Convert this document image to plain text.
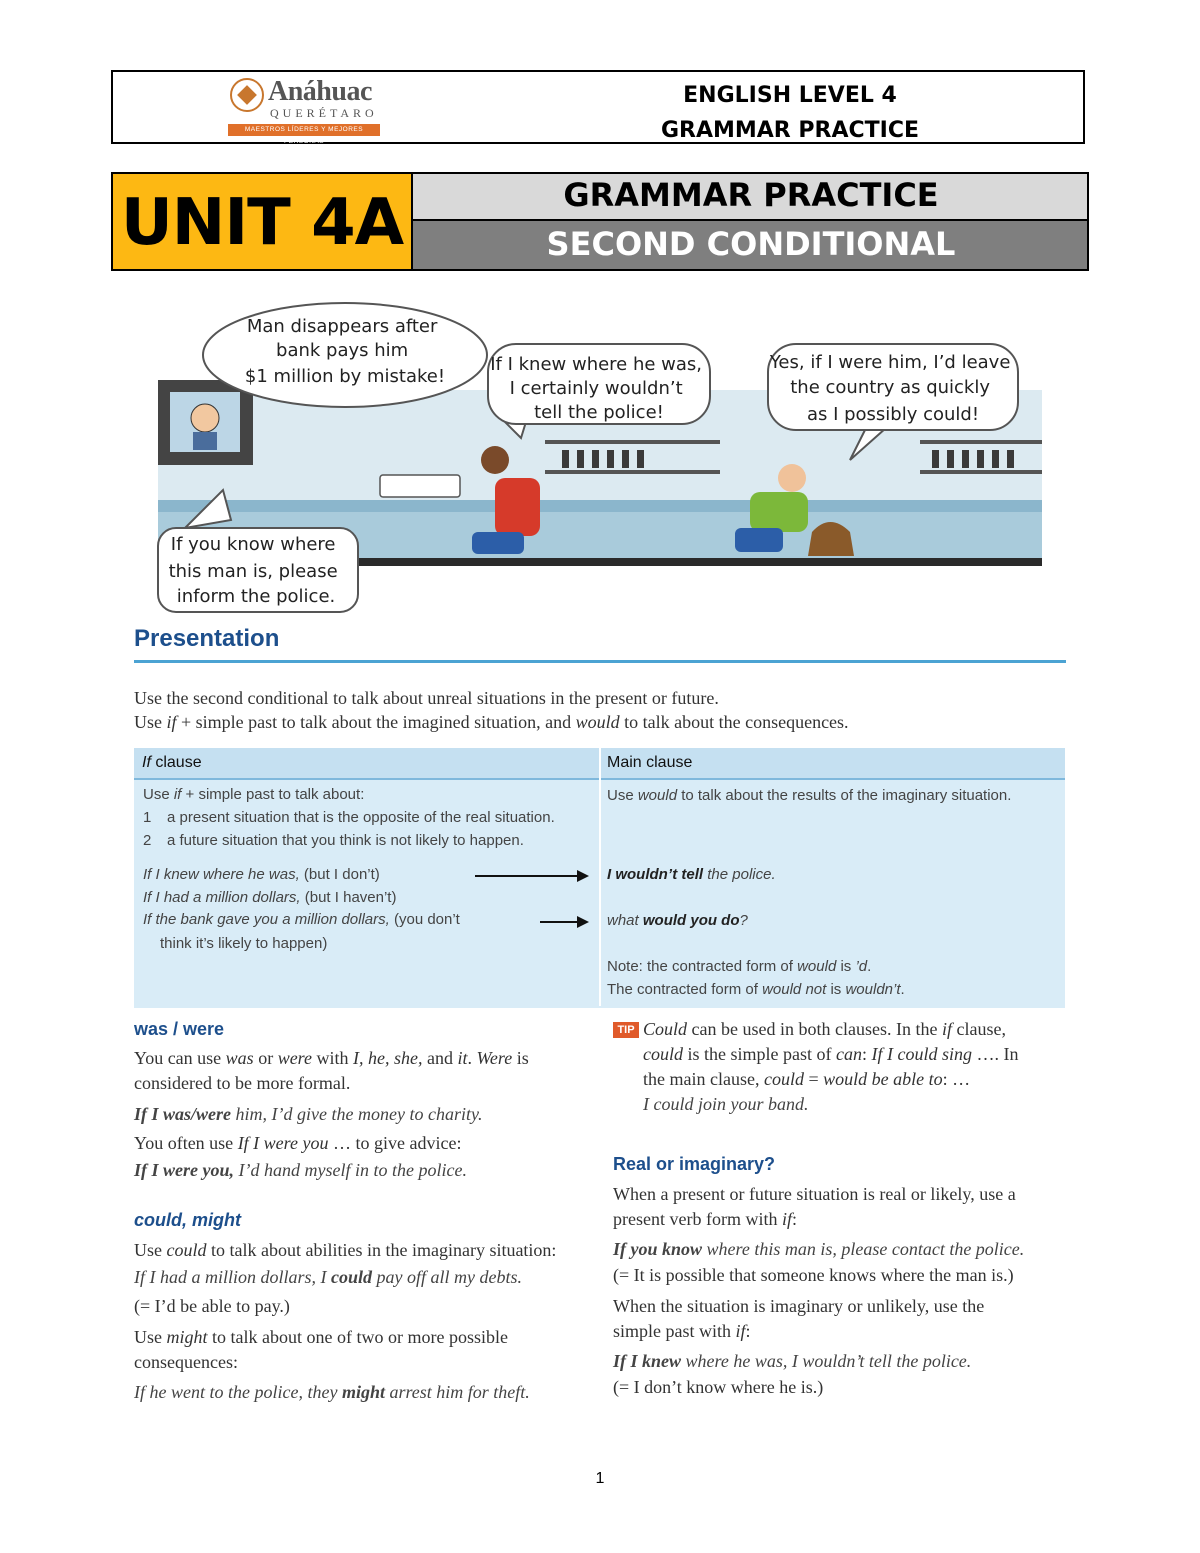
Anáhuac
QUERÉTARO
MAESTROS LÍDERES Y MEJORES PERSONAS
ENGLISH LEVEL 4
GRAMMAR PRACTICE
UNIT 4A	GRAMMAR PRACTICE
SECOND CONDITIONAL
Man disappears after bank pays him $1 million by mistake!
If I knew where he was, I certainly wouldn’t tell the police!
Yes, if I were him, I’d leave the country as quickly as I possibly could!
If you know where this man is, please inform the police.
Presentation
Use the second conditional to talk about unreal situations in the present or future.
Use if + simple past to talk about the imagined situation, and would to talk about the consequences.
If clause	Main clause
Use if + simple past to talk about:
1 a present situation that is the opposite of the real situation.
2 a future situation that you think is not likely to happen.
If I knew where he was, (but I don’t)
If I had a million dollars, (but I haven’t)
If the bank gave you a million dollars, (you don’t
think it’s likely to happen)
Use would to talk about the results of the imaginary situation.
I wouldn’t tell the police.
what would you do?
Note: the contracted form of would is ’d.
The contracted form of would not is wouldn’t.
was / were
You can use was or were with I, he, she, and it. Were is
considered to be more formal.
If I was/were him, I’d give the money to charity.
You often use If I were you … to give advice:
If I were you, I’d hand myself in to the police.
could, might
Use could to talk about abilities in the imaginary situation:
If I had a million dollars, I could pay off all my debts.
(= I’d be able to pay.)
Use might to talk about one of two or more possible
consequences:
If he went to the police, they might arrest him for theft.
TIP Could can be used in both clauses. In the if clause,
could is the simple past of can: If I could sing …. In
the main clause, could = would be able to: …
I could join your band.
Real or imaginary?
When a present or future situation is real or likely, use a
present verb form with if:
If you know where this man is, please contact the police.
(= It is possible that someone knows where the man is.)
When the situation is imaginary or unlikely, use the
simple past with if:
If I knew where he was, I wouldn’t tell the police.
(= I don’t know where he is.)
1
